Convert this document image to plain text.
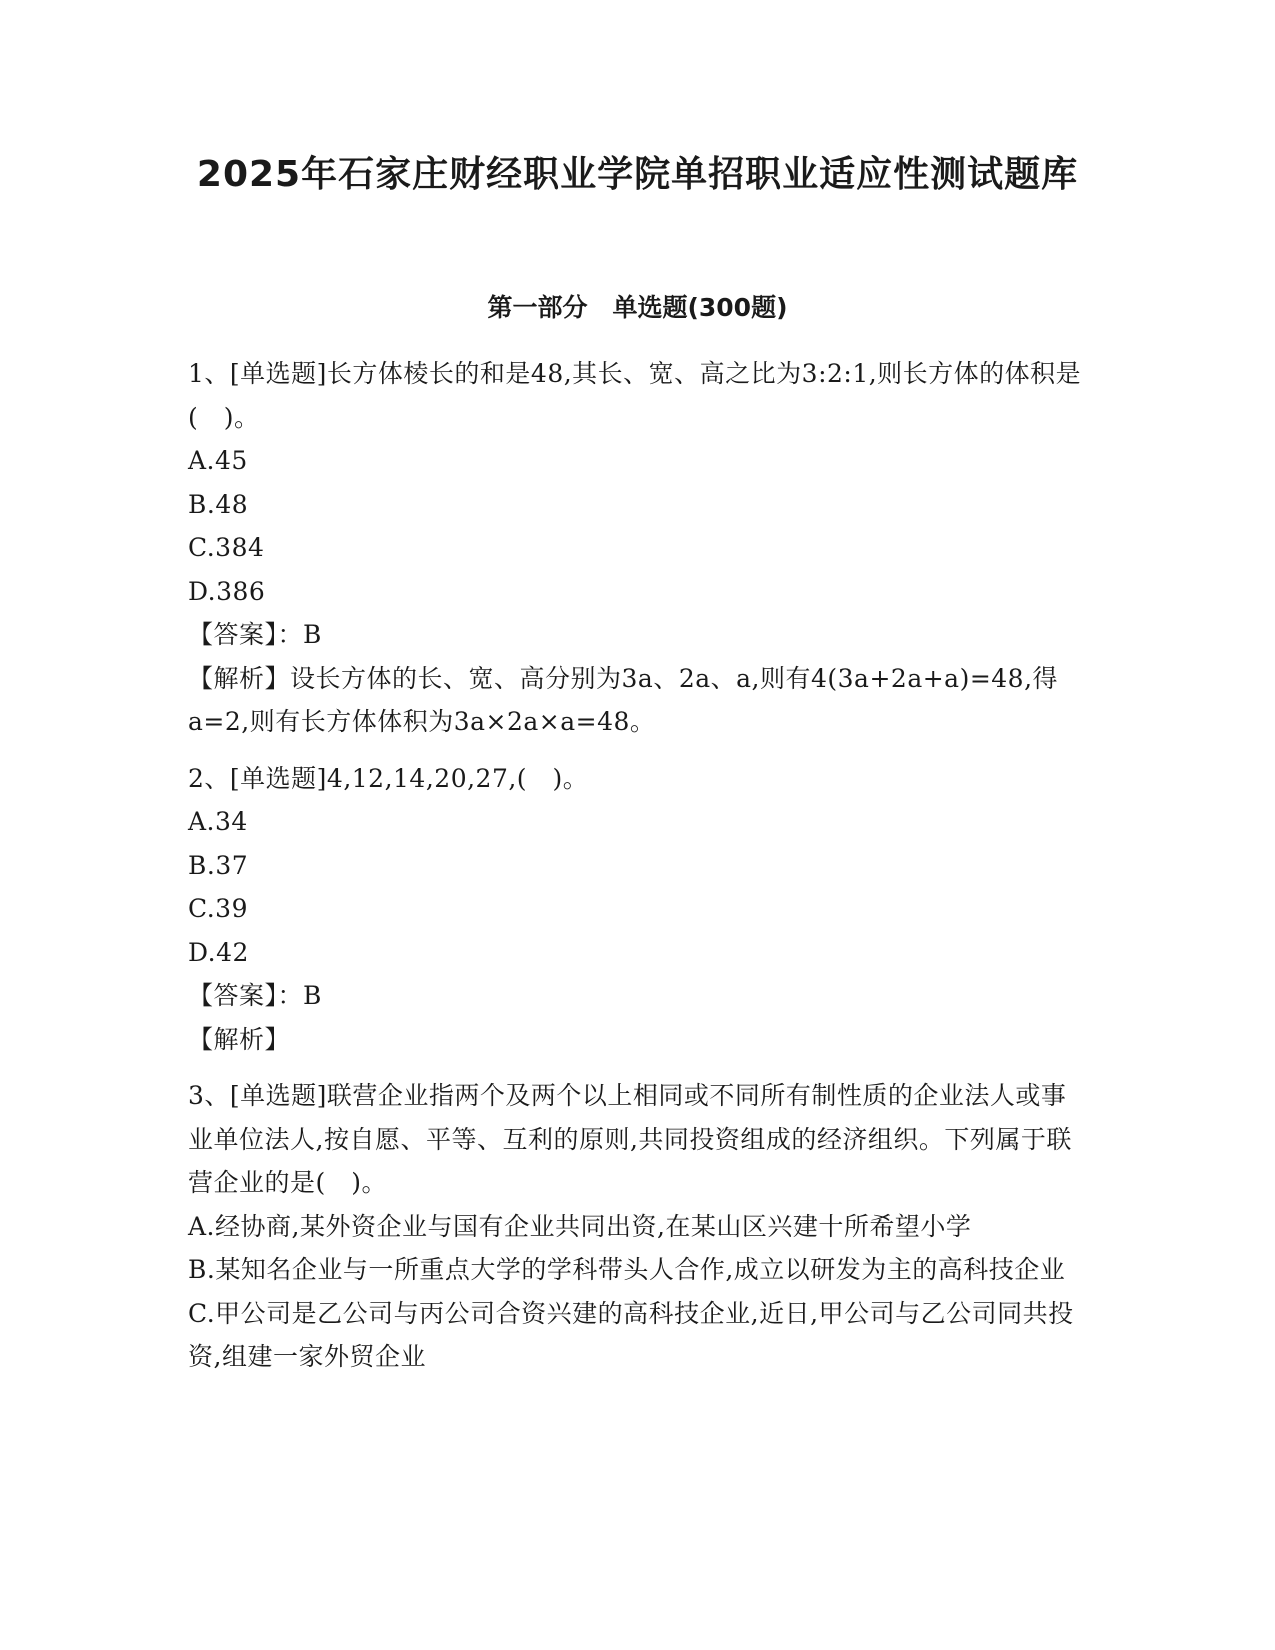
2025年石家庄财经职业学院单招职业适应性测试题库
第一部分　单选题(300题)

1、[单选题]长方体棱长的和是48,其长、宽、高之比为3:2:1,则长方体的体积是(　)。

A.45

B.48

C.384

D.386

【答案】：B

【解析】设长方体的长、宽、高分别为3a、2a、a,则有4(3a+2a+a)=48,得a=2,则有长方体体积为3a×2a×a=48。

2、[单选题]4,12,14,20,27,(　)。

A.34

B.37

C.39

D.42

【答案】：B

【解析】

3、[单选题]联营企业指两个及两个以上相同或不同所有制性质的企业法人或事业单位法人,按自愿、平等、互利的原则,共同投资组成的经济组织。下列属于联营企业的是(　)。

A.经协商,某外资企业与国有企业共同出资,在某山区兴建十所希望小学

B.某知名企业与一所重点大学的学科带头人合作,成立以研发为主的高科技企业

C.甲公司是乙公司与丙公司合资兴建的高科技企业,近日,甲公司与乙公司同共投资,组建一家外贸企业
